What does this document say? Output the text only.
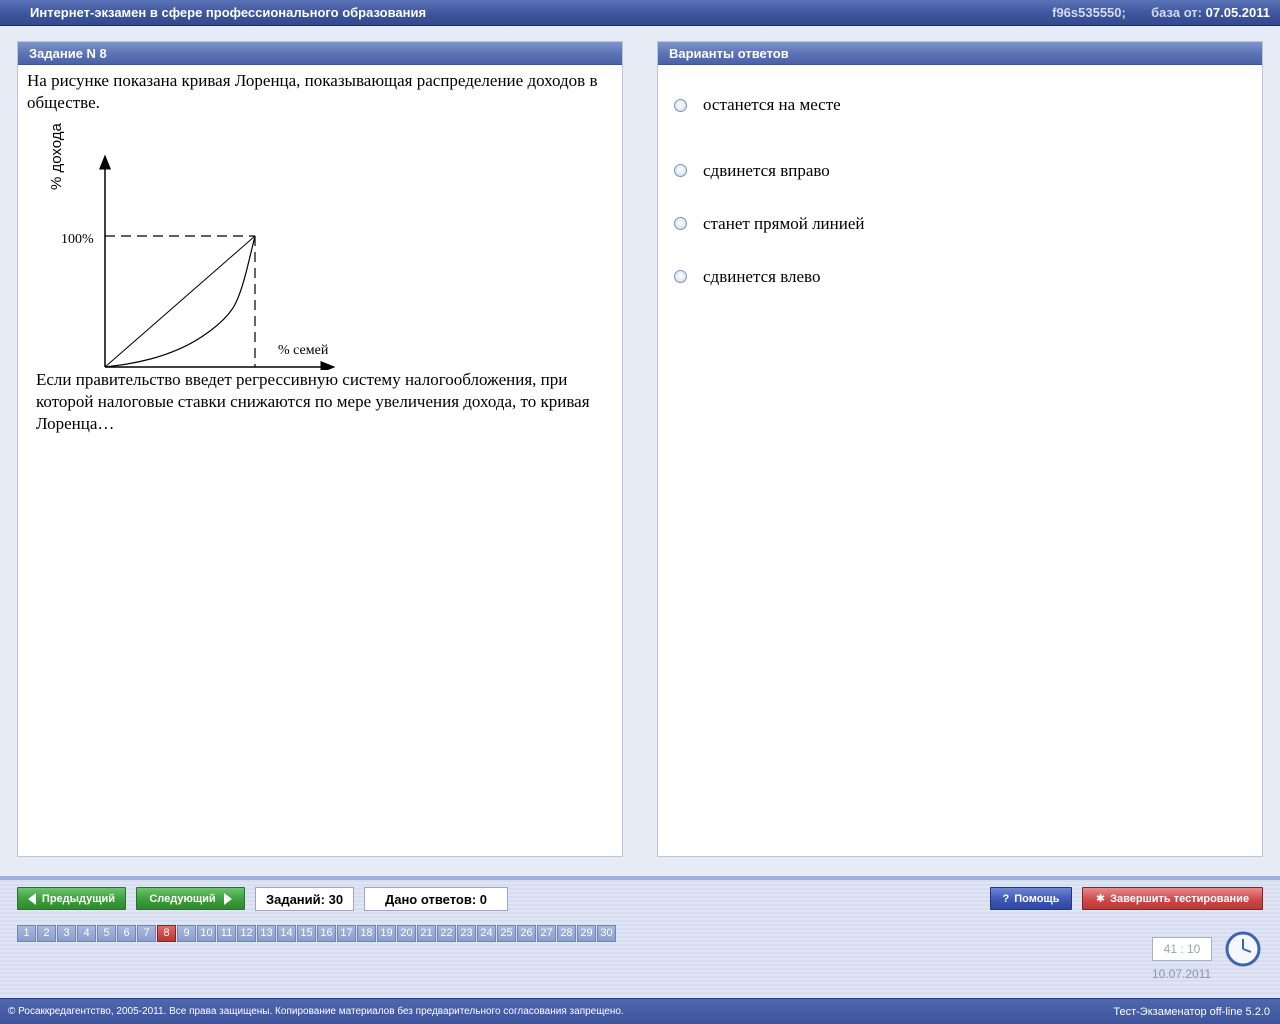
Интернет-экзамен в сфере профессионального образования	f96s535550; база от: 07.05.2011
Задание N 8
На рисунке показана кривая Лоренца, показывающая распределение доходов в обществе.
% дохода
100%
% семей
Если правительство введет регрессивную систему налогообложения, при которой налоговые ставки снижаются по мере увеличения дохода, то кривая Лоренца…
Варианты ответов
останется на месте
сдвинется вправо
станет прямой линией
сдвинется влево
Предыдущий	Следующий	Заданий: 30	Дано ответов: 0	? Помощь	✱ Завершить тестирование
1	2	3	4	5	6	7	8	9 10 11 12 13 14 15 16 17 18 19 20 21 22 23 24 25 26 27 28 29 30
41 : 10
10.07.2011
© Росаккредагентство, 2005-2011. Все права защищены. Копирование материалов без предварительного согласования запрещено.	Тест-Экзаменатор off-line 5.2.0
